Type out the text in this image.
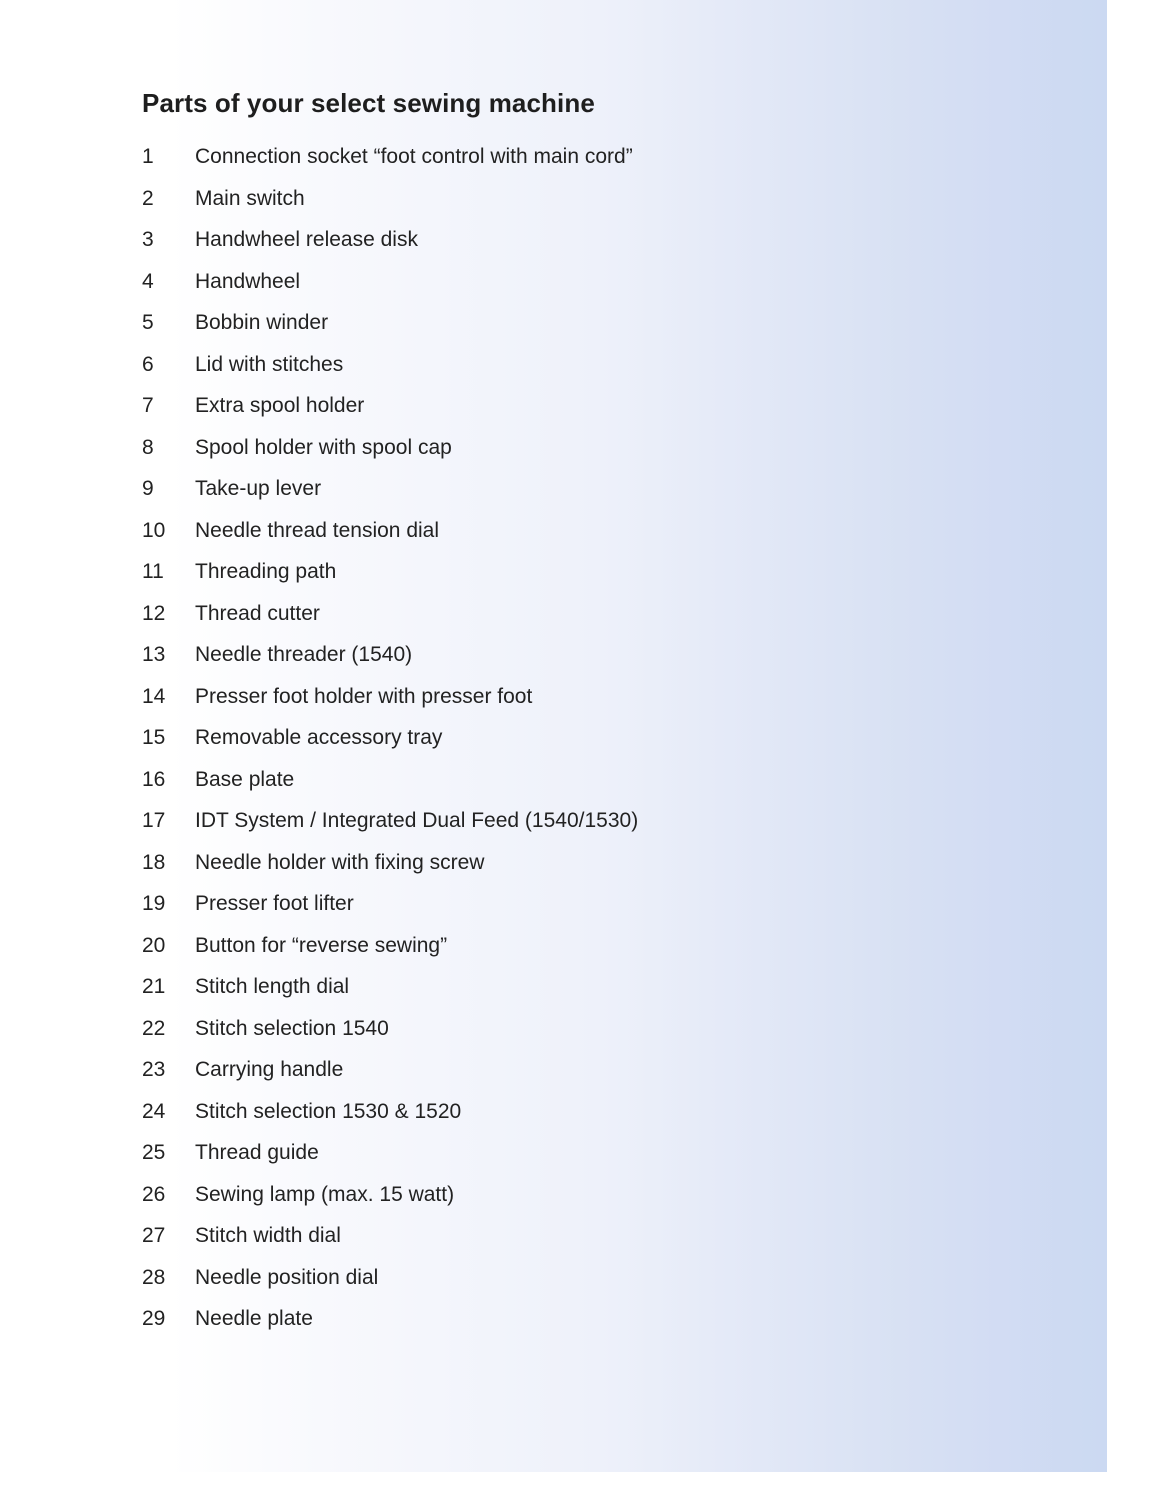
Parts of your select sewing machine
1	Connection socket “foot control with main cord”
2	Main switch
3	Handwheel release disk
4	Handwheel
5	Bobbin winder
6	Lid with stitches
7	Extra spool holder
8	Spool holder with spool cap
9	Take-up lever
10	Needle thread tension dial
11	Threading path
12	Thread cutter
13	Needle threader (1540)
14	Presser foot holder with presser foot
15	Removable accessory tray
16	Base plate
17	IDT System / Integrated Dual Feed (1540/1530)
18	Needle holder with fixing screw
19	Presser foot lifter
20	Button for “reverse sewing”
21	Stitch length dial
22	Stitch selection 1540
23	Carrying handle
24	Stitch selection 1530 & 1520
25	Thread guide
26	Sewing lamp (max. 15 watt)
27	Stitch width dial
28	Needle position dial
29	Needle plate
